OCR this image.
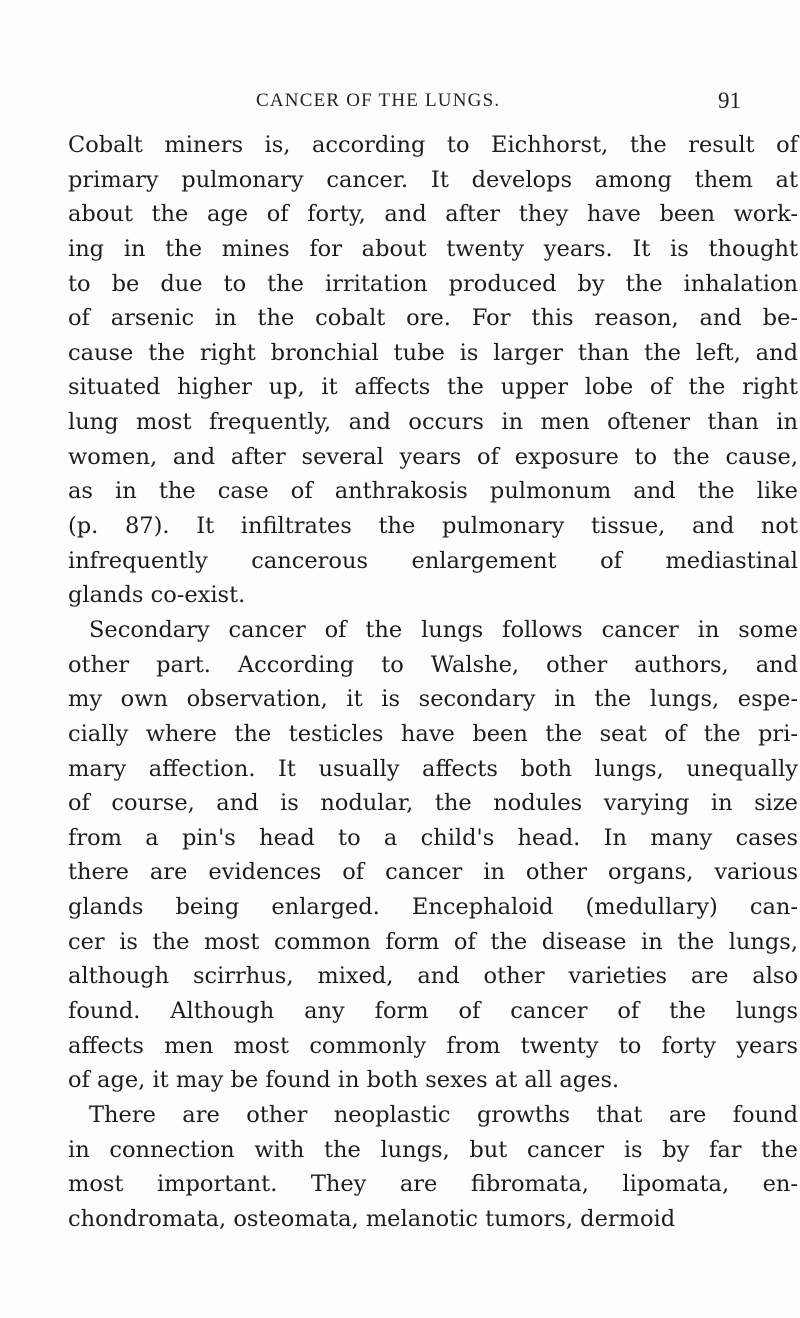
CANCER OF THE LUNGS.	91
Cobalt miners is, according to Eichhorst, the result of
primary pulmonary cancer. It develops among them at
about the age of forty, and after they have been work-
ing in the mines for about twenty years. It is thought
to be due to the irritation produced by the inhalation
of arsenic in the cobalt ore. For this reason, and be-
cause the right bronchial tube is larger than the left, and
situated higher up, it affects the upper lobe of the right
lung most frequently, and occurs in men oftener than in
women, and after several years of exposure to the cause,
as in the case of anthrakosis pulmonum and the like
(p. 87). It infiltrates the pulmonary tissue, and not
infrequently cancerous enlargement of mediastinal
glands co-exist.
Secondary cancer of the lungs follows cancer in some
other part. According to Walshe, other authors, and
my own observation, it is secondary in the lungs, espe-
cially where the testicles have been the seat of the pri-
mary affection. It usually affects both lungs, unequally
of course, and is nodular, the nodules varying in size
from a pin's head to a child's head. In many cases
there are evidences of cancer in other organs, various
glands being enlarged. Encephaloid (medullary) can-
cer is the most common form of the disease in the lungs,
although scirrhus, mixed, and other varieties are also
found. Although any form of cancer of the lungs
affects men most commonly from twenty to forty years
of age, it may be found in both sexes at all ages.
There are other neoplastic growths that are found
in connection with the lungs, but cancer is by far the
most important. They are fibromata, lipomata, en-
chondromata, osteomata, melanotic tumors, dermoid
